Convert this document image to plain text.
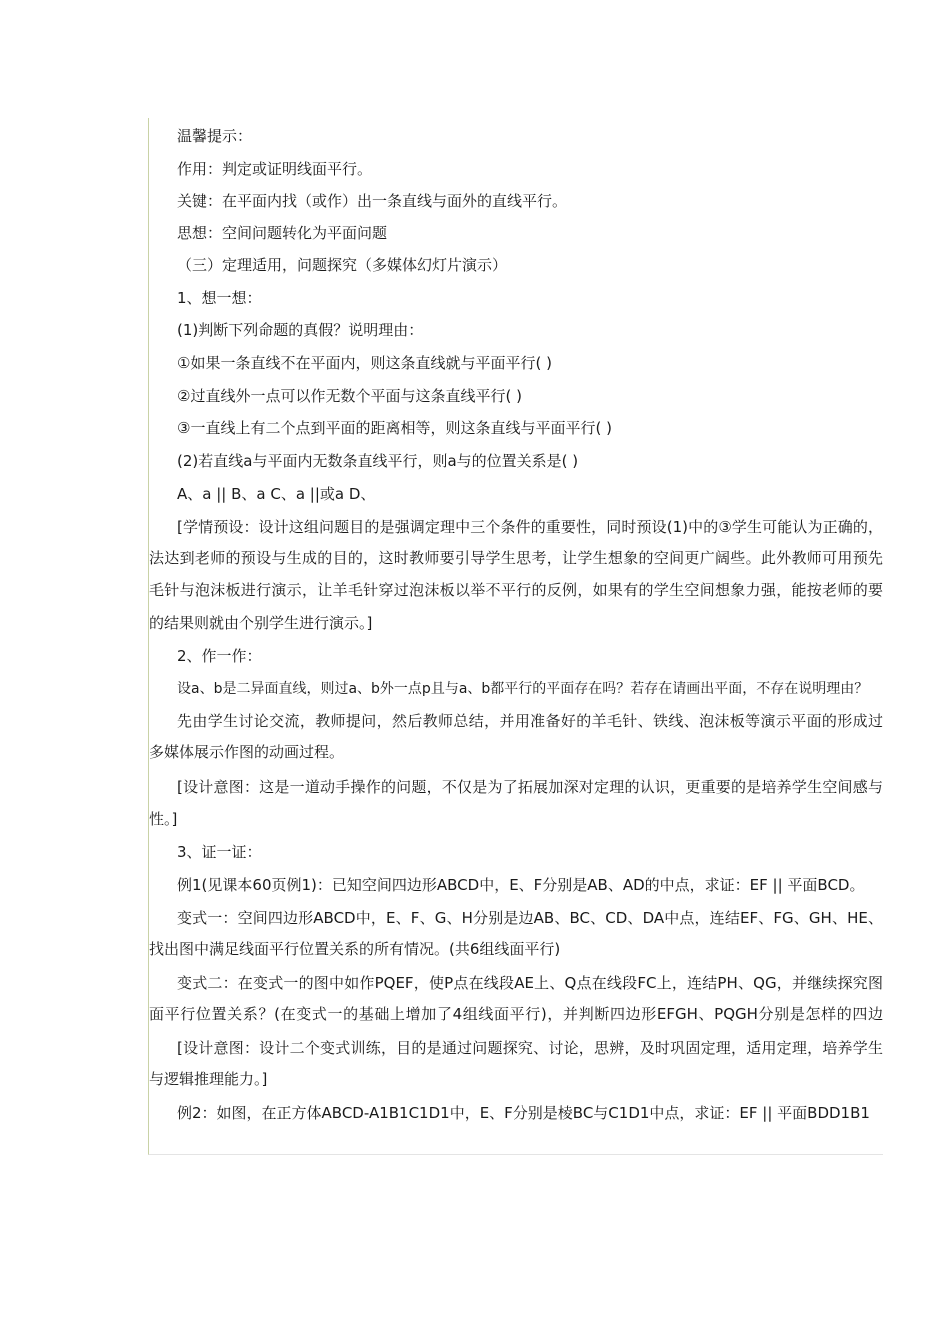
温馨提示：
作用：判定或证明线面平行。
关键：在平面内找（或作）出一条直线与面外的直线平行。
思想：空间问题转化为平面问题
（三）定理适用，问题探究（多媒体幻灯片演示）
1、想一想：
(1)判断下列命题的真假？说明理由：
①如果一条直线不在平面内，则这条直线就与平面平行( )
②过直线外一点可以作无数个平面与这条直线平行( )
③一直线上有二个点到平面的距离相等，则这条直线与平面平行( )
(2)若直线a与平面内无数条直线平行，则a与的位置关系是( )
A、a || B、a C、a ||或a D、
[学情预设：设计这组问题目的是强调定理中三个条件的重要性，同时预设(1)中的③学生可能认为正确的，
法达到老师的预设与生成的目的，这时教师要引导学生思考，让学生想象的空间更广阔些。此外教师可用预先
毛针与泡沫板进行演示，让羊毛针穿过泡沫板以举不平行的反例，如果有的学生空间想象力强，能按老师的要
的结果则就由个别学生进行演示。]
2、作一作：
设a、b是二异面直线，则过a、b外一点p且与a、b都平行的平面存在吗？若存在请画出平面，不存在说明理由？
先由学生讨论交流，教师提问，然后教师总结，并用准备好的羊毛针、铁线、泡沫板等演示平面的形成过
多媒体展示作图的动画过程。
[设计意图：这是一道动手操作的问题，不仅是为了拓展加深对定理的认识，更重要的是培养学生空间感与
性。]
3、证一证：
例1(见课本60页例1)：已知空间四边形ABCD中，E、F分别是AB、AD的中点，求证：EF || 平面BCD。
变式一：空间四边形ABCD中，E、F、G、H分别是边AB、BC、CD、DA中点，连结EF、FG、GH、HE、
找出图中满足线面平行位置关系的所有情况。(共6组线面平行)
变式二：在变式一的图中如作PQEF，使P点在线段AE上、Q点在线段FC上，连结PH、QG，并继续探究图
面平行位置关系？(在变式一的基础上增加了4组线面平行)，并判断四边形EFGH、PQGH分别是怎样的四边
[设计意图：设计二个变式训练，目的是通过问题探究、讨论，思辨，及时巩固定理，适用定理，培养学生
与逻辑推理能力。]
例2：如图，在正方体ABCD-A1B1C1D1中，E、F分别是棱BC与C1D1中点，求证：EF || 平面BDD1B1
